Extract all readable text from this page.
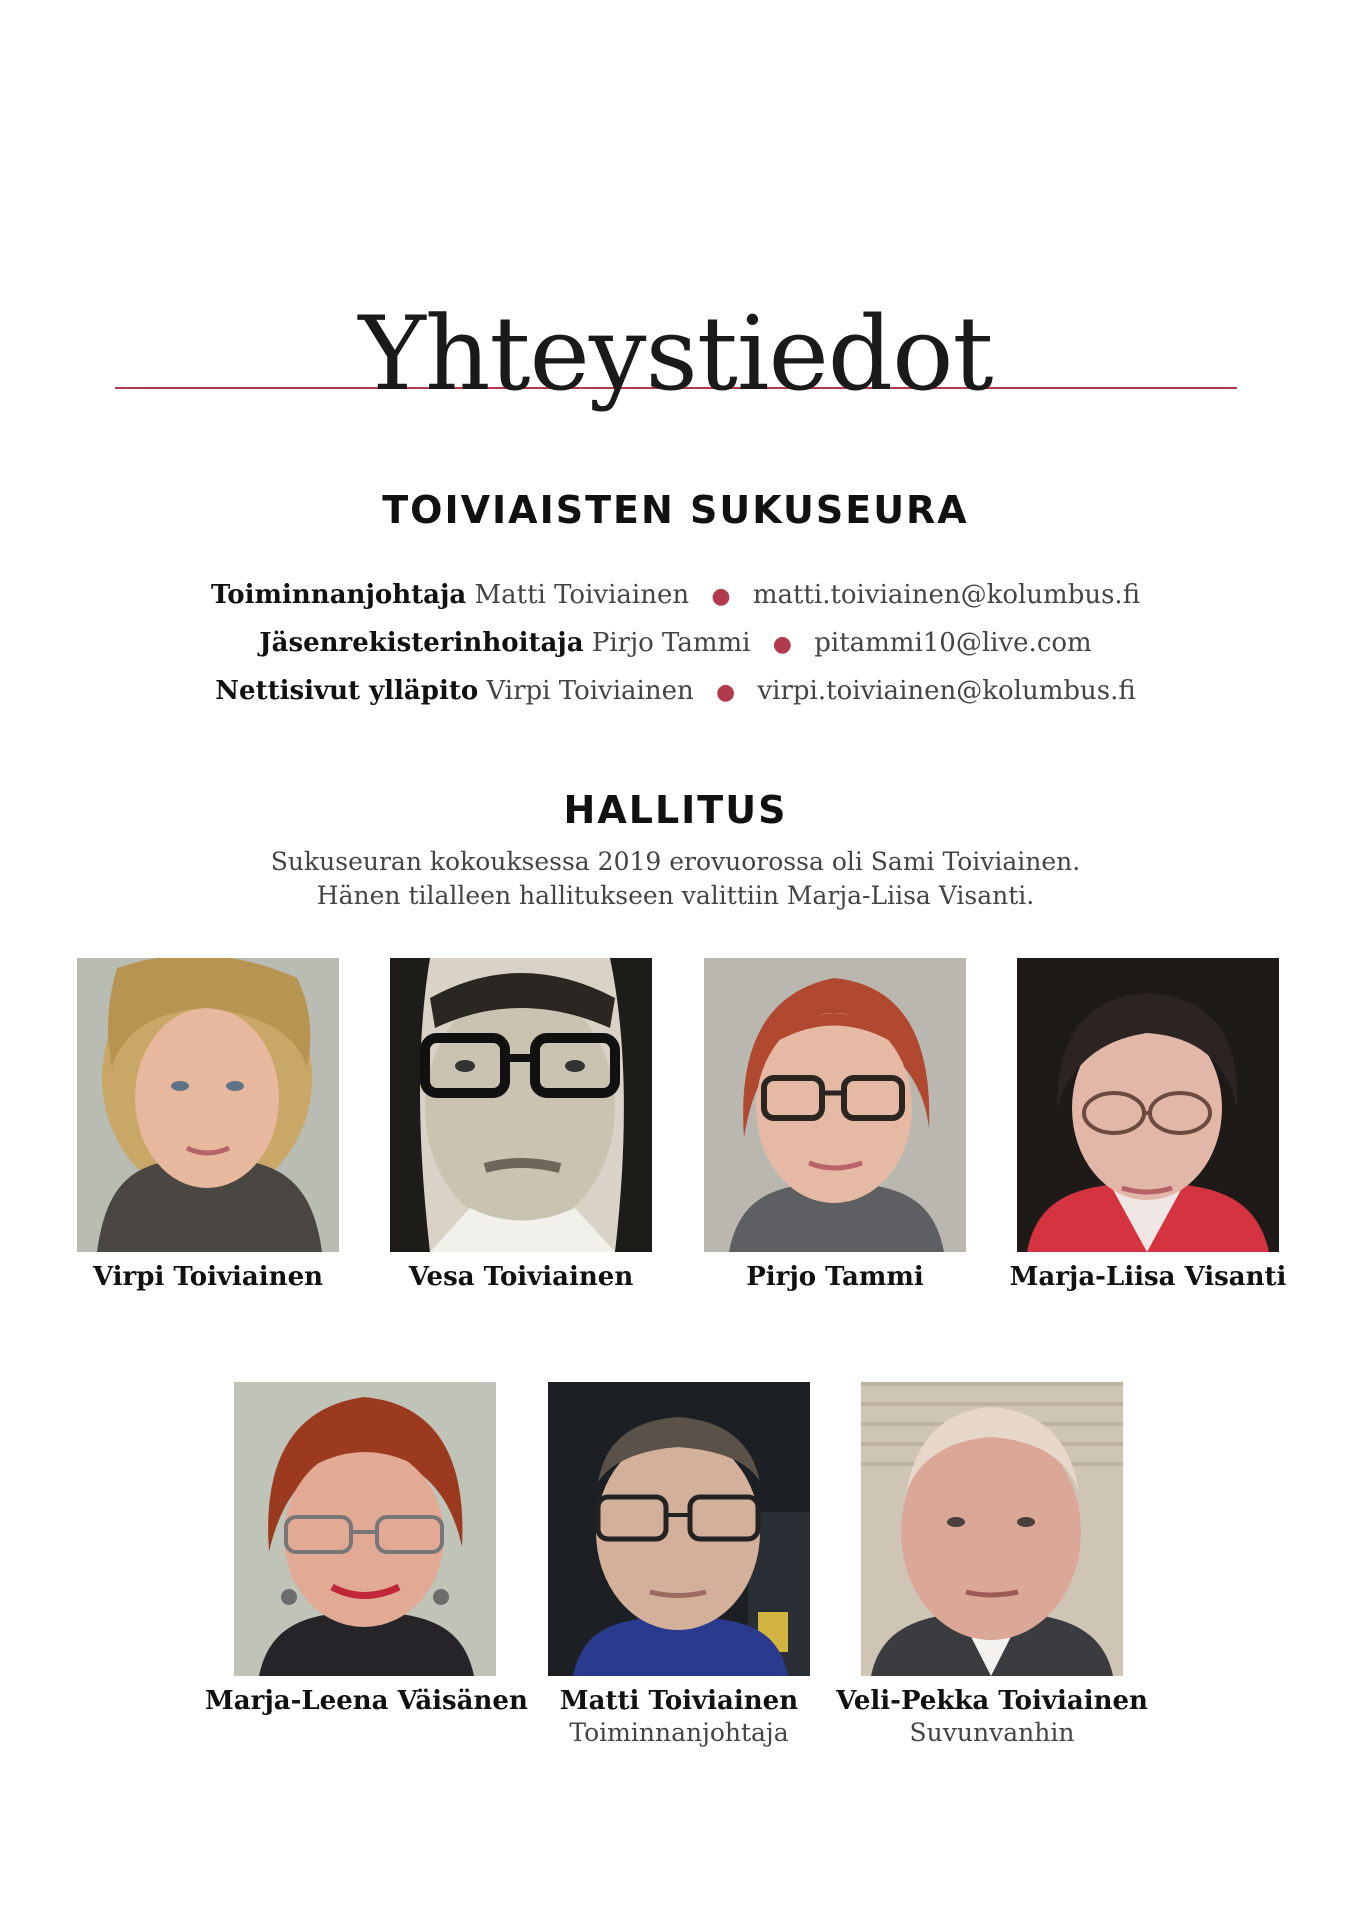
Yhteystiedot
TOIVIAISTEN SUKUSEURA
Toiminnanjohtaja Matti Toiviainen ● matti.toiviainen@kolumbus.fi
Jäsenrekisterinhoitaja Pirjo Tammi ● pitammi10@live.com
Nettisivut ylläpito Virpi Toiviainen ● virpi.toiviainen@kolumbus.fi
HALLITUS
Sukuseuran kokouksessa 2019 erovuorossa oli Sami Toiviainen.
Hänen tilalleen hallitukseen valittiin Marja-Liisa Visanti.
Virpi Toiviainen	Vesa Toiviainen	Pirjo Tammi	Marja-Liisa Visanti
Marja-Leena Väisänen	Matti Toiviainen
Toiminnanjohtaja
Veli-Pekka Toiviainen
Suvunvanhin
